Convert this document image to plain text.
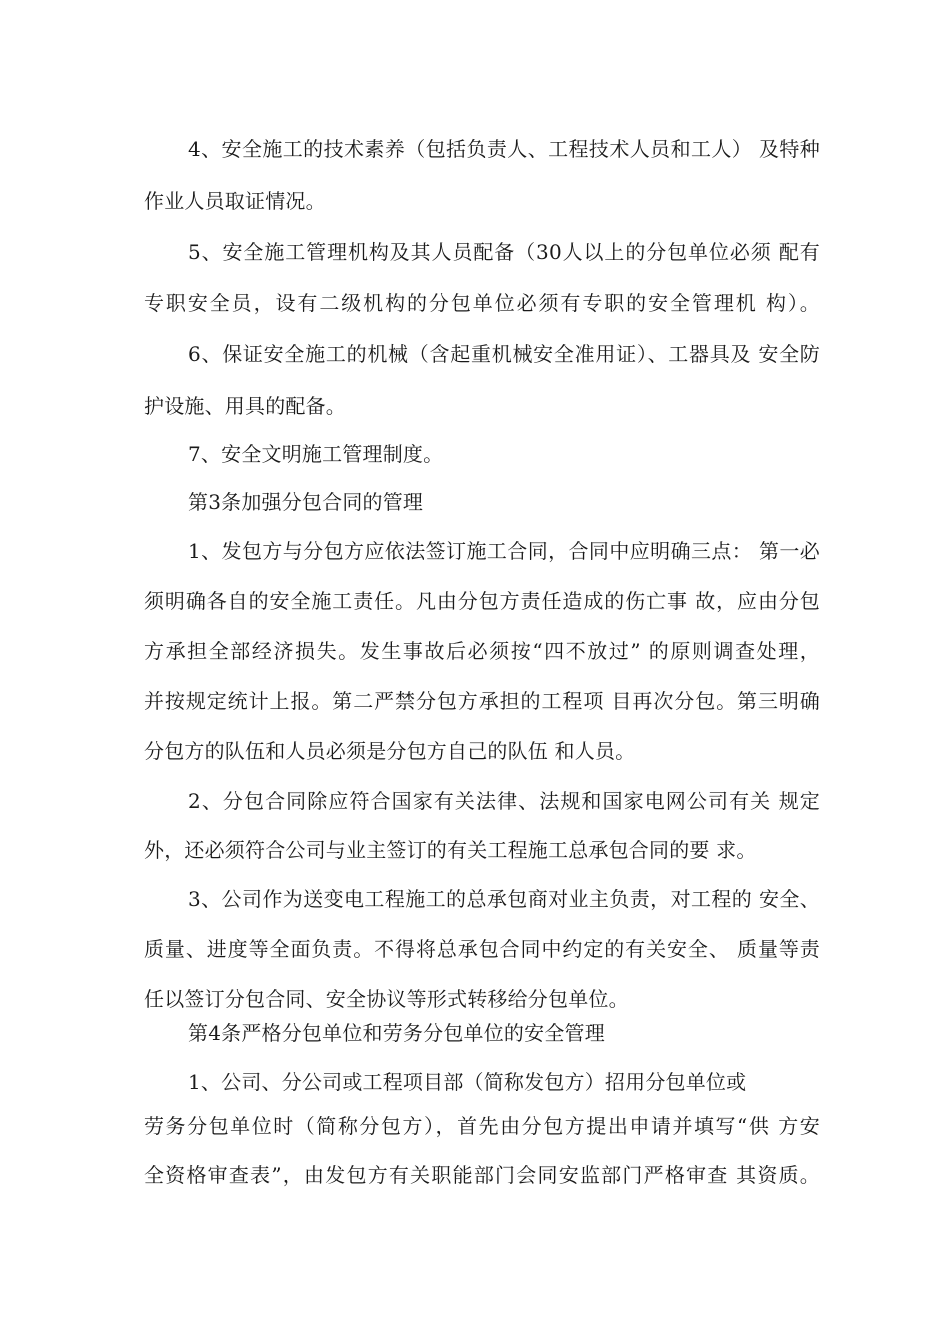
4、安全施工的技术素养（包括负责人、工程技术人员和工人） 及特种
作业人员取证情况。
5、安全施工管理机构及其人员配备（30人以上的分包单位必须 配有
专职安全员，设有二级机构的分包单位必须有专职的安全管理机 构）。
6、保证安全施工的机械（含起重机械安全准用证）、工器具及 安全防
护设施、用具的配备。
7、安全文明施工管理制度。
第3条加强分包合同的管理
1、发包方与分包方应依法签订施工合同，合同中应明确三点： 第一必
须明确各自的安全施工责任。凡由分包方责任造成的伤亡事 故，应由分包
方承担全部经济损失。发生事故后必须按“四不放过” 的原则调查处理，
并按规定统计上报。第二严禁分包方承担的工程项 目再次分包。第三明确
分包方的队伍和人员必须是分包方自己的队伍 和人员。
2、分包合同除应符合国家有关法律、法规和国家电网公司有关 规定
外，还必须符合公司与业主签订的有关工程施工总承包合同的要 求。
3、公司作为送变电工程施工的总承包商对业主负责，对工程的 安全、
质量、进度等全面负责。不得将总承包合同中约定的有关安全、 质量等责
任以签订分包合同、安全协议等形式转移给分包单位。
第4条严格分包单位和劳务分包单位的安全管理
1、公司、分公司或工程项目部（简称发包方）招用分包单位或
劳务分包单位时（简称分包方），首先由分包方提出申请并填写“供 方安
全资格审查表”，由发包方有关职能部门会同安监部门严格审查 其资质。
